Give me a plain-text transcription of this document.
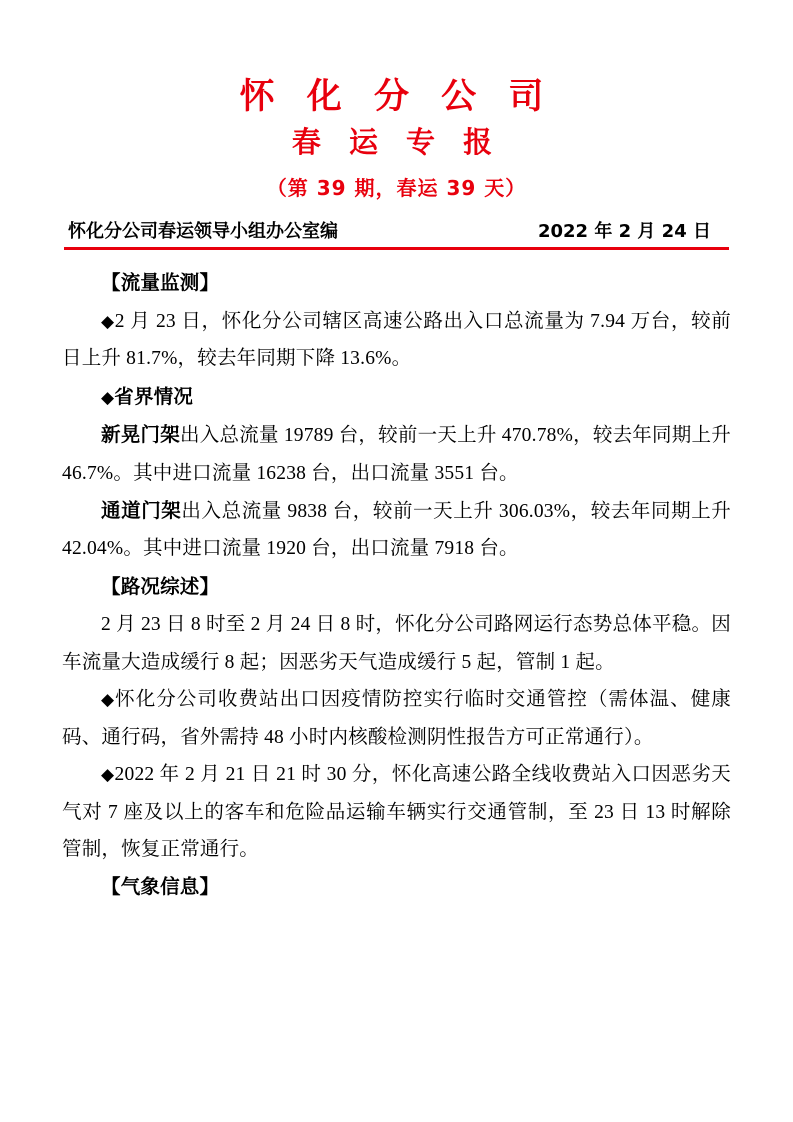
怀 化 分 公 司
春 运 专 报
（第 39 期，春运 39 天）
怀化分公司春运领导小组办公室编	2022 年 2 月 24 日

【流量监测】

◆2 月 23 日，怀化分公司辖区高速公路出入口总流量为 7.94 万台，较前日上升 81.7%，较去年同期下降 13.6%。

◆省界情况

新晃门架出入总流量 19789 台，较前一天上升 470.78%，较去年同期上升 46.7%。其中进口流量 16238 台，出口流量 3551 台。

通道门架出入总流量 9838 台，较前一天上升 306.03%，较去年同期上升 42.04%。其中进口流量 1920 台，出口流量 7918 台。

【路况综述】

2 月 23 日 8 时至 2 月 24 日 8 时，怀化分公司路网运行态势总体平稳。因车流量大造成缓行 8 起；因恶劣天气造成缓行 5 起，管制 1 起。

◆怀化分公司收费站出口因疫情防控实行临时交通管控（需体温、健康码、通行码，省外需持 48 小时内核酸检测阴性报告方可正常通行）。

◆2022 年 2 月 21 日 21 时 30 分，怀化高速公路全线收费站入口因恶劣天气对 7 座及以上的客车和危险品运输车辆实行交通管制，至 23 日 13 时解除管制，恢复正常通行。

【气象信息】
